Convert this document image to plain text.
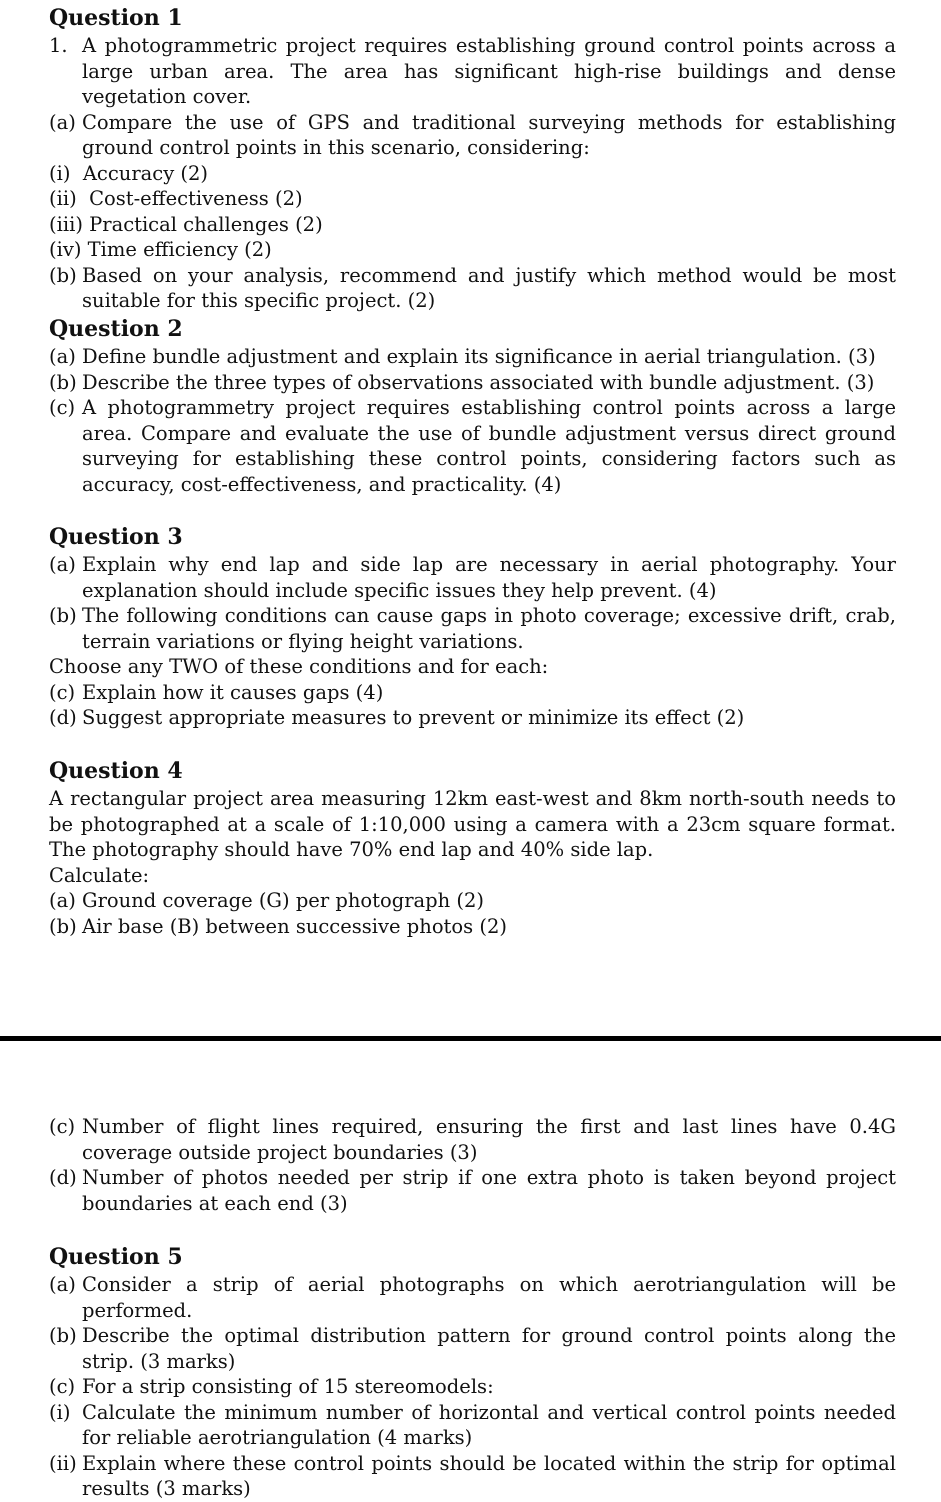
Question 1
1. A photogrammetric project requires establishing ground control points across a large urban area. The area has significant high-rise buildings and dense vegetation cover.
(a) Compare the use of GPS and traditional surveying methods for establishing ground control points in this scenario, considering:
(i)  Accuracy (2)
(ii)  Cost-effectiveness (2)
(iii) Practical challenges (2)
(iv) Time efficiency (2)
(b) Based on your analysis, recommend and justify which method would be most suitable for this specific project. (2)
Question 2
(a) Define bundle adjustment and explain its significance in aerial triangulation. (3)
(b) Describe the three types of observations associated with bundle adjustment. (3)
(c) A photogrammetry project requires establishing control points across a large area. Compare and evaluate the use of bundle adjustment versus direct ground surveying for establishing these control points, considering factors such as accuracy, cost-effectiveness, and practicality. (4)
Question 3
(a) Explain why end lap and side lap are necessary in aerial photography. Your explanation should include specific issues they help prevent. (4)
(b) The following conditions can cause gaps in photo coverage; excessive drift, crab, terrain variations or flying height variations.
Choose any TWO of these conditions and for each:
(c) Explain how it causes gaps (4)
(d) Suggest appropriate measures to prevent or minimize its effect (2)
Question 4
A rectangular project area measuring 12km east-west and 8km north-south needs to be photographed at a scale of 1:10,000 using a camera with a 23cm square format. The photography should have 70% end lap and 40% side lap.
Calculate:
(a) Ground coverage (G) per photograph (2)
(b) Air base (B) between successive photos (2)
(c) Number of flight lines required, ensuring the first and last lines have 0.4G coverage outside project boundaries (3)
(d) Number of photos needed per strip if one extra photo is taken beyond project boundaries at each end (3)
Question 5
(a) Consider a strip of aerial photographs on which aerotriangulation will be performed.
(b) Describe the optimal distribution pattern for ground control points along the strip. (3 marks)
(c) For a strip consisting of 15 stereomodels:
(i) Calculate the minimum number of horizontal and vertical control points needed for reliable aerotriangulation (4 marks)
(ii) Explain where these control points should be located within the strip for optimal results (3 marks)
